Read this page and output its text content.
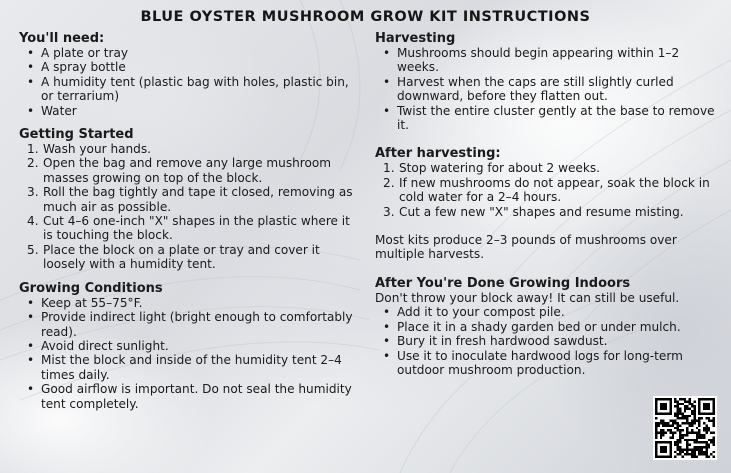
BLUE OYSTER MUSHROOM GROW KIT INSTRUCTIONS

You'll need:

• A plate or tray
• A spray bottle
• A humidity tent (plastic bag with holes, plastic bin, or terrarium)
• Water

Getting Started

1. Wash your hands.
2. Open the bag and remove any large mushroom masses growing on top of the block.
3. Roll the bag tightly and tape it closed, removing as much air as possible.
4. Cut 4–6 one-inch "X" shapes in the plastic where it is touching the block.
5. Place the block on a plate or tray and cover it loosely with a humidity tent.

Growing Conditions

• Keep at 55–75°F.
• Provide indirect light (bright enough to comfortably read).
• Avoid direct sunlight.
• Mist the block and inside of the humidity tent 2–4 times daily.
• Good airflow is important. Do not seal the humidity tent completely.

Harvesting

• Mushrooms should begin appearing within 1–2 weeks.
• Harvest when the caps are still slightly curled downward, before they flatten out.
• Twist the entire cluster gently at the base to remove it.

After harvesting:

1. Stop watering for about 2 weeks.
2. If new mushrooms do not appear, soak the block in cold water for a 2–4 hours.
3. Cut a few new "X" shapes and resume misting.

Most kits produce 2–3 pounds of mushrooms over multiple harvests.

After You're Done Growing Indoors

Don't throw your block away! It can still be useful.

• Add it to your compost pile.
• Place it in a shady garden bed or under mulch.
• Bury it in fresh hardwood sawdust.
• Use it to inoculate hardwood logs for long-term outdoor mushroom production.
